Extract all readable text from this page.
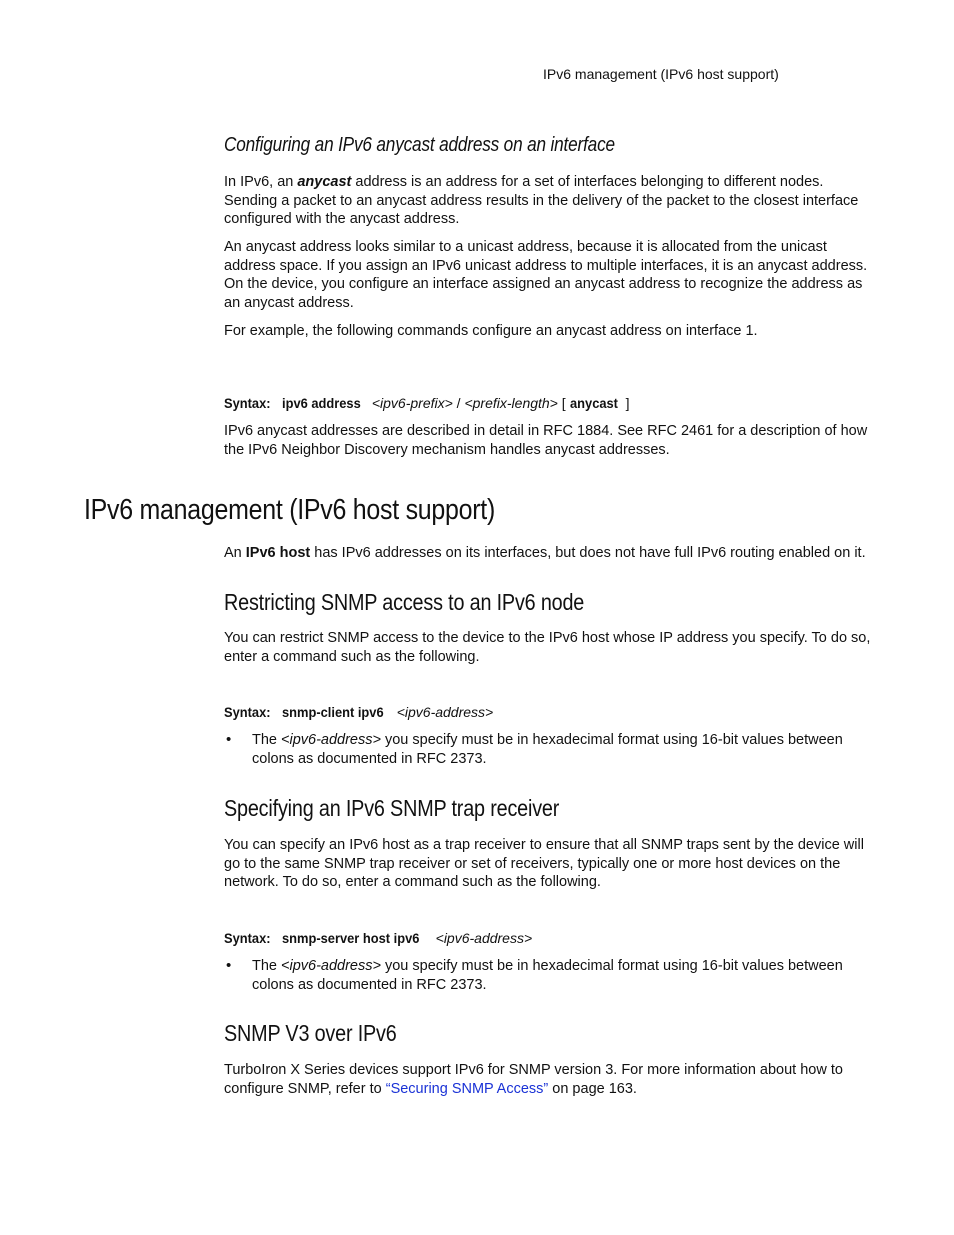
IPv6 management (IPv6 host support)
Configuring an IPv6 anycast address on an interface
In IPv6, an anycast address is an address for a set of interfaces belonging to different nodes. Sending a packet to an anycast address results in the delivery of the packet to the closest interface configured with the anycast address.
An anycast address looks similar to a unicast address, because it is allocated from the unicast address space. If you assign an IPv6 unicast address to multiple interfaces, it is an anycast address. On the device, you configure an interface assigned an anycast address to recognize the address as an anycast address.
For example, the following commands configure an anycast address on interface 1.
Syntax: ipv6 address <ipv6-prefix> / <prefix-length> [ anycast ]
IPv6 anycast addresses are described in detail in RFC 1884. See RFC 2461 for a description of how the IPv6 Neighbor Discovery mechanism handles anycast addresses.
IPv6 management (IPv6 host support)
An IPv6 host has IPv6 addresses on its interfaces, but does not have full IPv6 routing enabled on it.
Restricting SNMP access to an IPv6 node
You can restrict SNMP access to the device to the IPv6 host whose IP address you specify. To do so, enter a command such as the following.
Syntax: snmp-client ipv6 <ipv6-address>
• The <ipv6-address> you specify must be in hexadecimal format using 16-bit values between colons as documented in RFC 2373.
Specifying an IPv6 SNMP trap receiver
You can specify an IPv6 host as a trap receiver to ensure that all SNMP traps sent by the device will go to the same SNMP trap receiver or set of receivers, typically one or more host devices on the network. To do so, enter a command such as the following.
Syntax: snmp-server host ipv6 <ipv6-address>
• The <ipv6-address> you specify must be in hexadecimal format using 16-bit values between colons as documented in RFC 2373.
SNMP V3 over IPv6
TurboIron X Series devices support IPv6 for SNMP version 3. For more information about how to configure SNMP, refer to “Securing SNMP Access” on page 163.
